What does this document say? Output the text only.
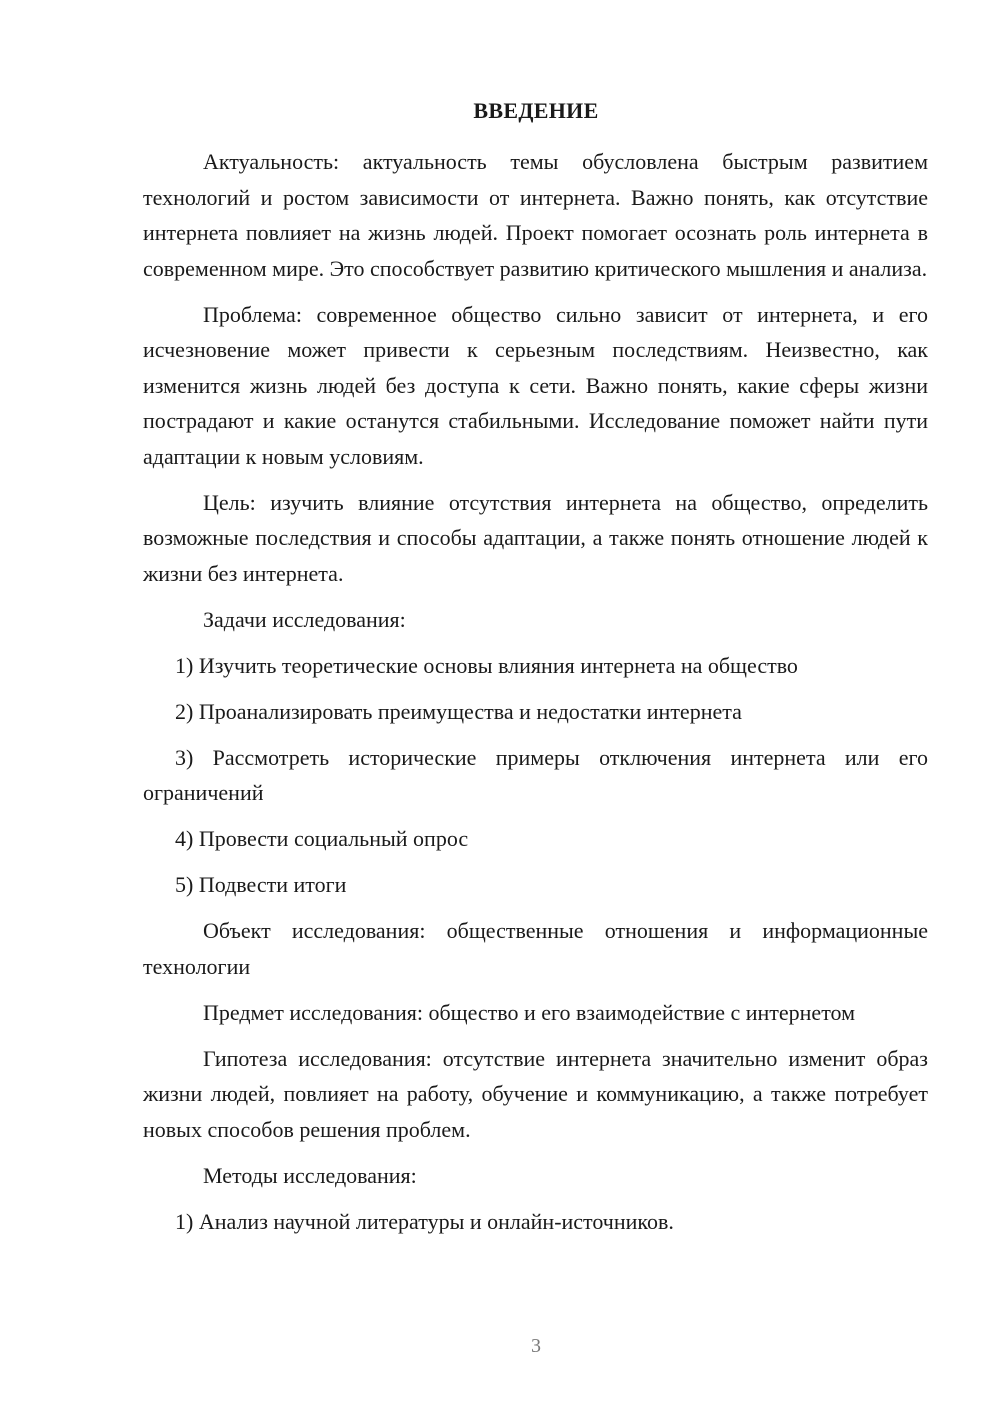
ВВЕДЕНИЕ

Актуальность: актуальность темы обусловлена быстрым развитием технологий и ростом зависимости от интернета. Важно понять, как отсутствие интернета повлияет на жизнь людей. Проект помогает осознать роль интернета в современном мире. Это способствует развитию критического мышления и анализа.

Проблема: современное общество сильно зависит от интернета, и его исчезновение может привести к серьезным последствиям. Неизвестно, как изменится жизнь людей без доступа к сети. Важно понять, какие сферы жизни пострадают и какие останутся стабильными. Исследование поможет найти пути адаптации к новым условиям.

Цель: изучить влияние отсутствия интернета на общество, определить возможные последствия и способы адаптации, а также понять отношение людей к жизни без интернета.

Задачи исследования:

1) Изучить теоретические основы влияния интернета на общество

2) Проанализировать преимущества и недостатки интернета

3) Рассмотреть исторические примеры отключения интернета или его ограничений

4) Провести социальный опрос

5) Подвести итоги

Объект исследования: общественные отношения и информационные технологии

Предмет исследования: общество и его взаимодействие с интернетом

Гипотеза исследования: отсутствие интернета значительно изменит образ жизни людей, повлияет на работу, обучение и коммуникацию, а также потребует новых способов решения проблем.

Методы исследования:

1) Анализ научной литературы и онлайн-источников.

3
